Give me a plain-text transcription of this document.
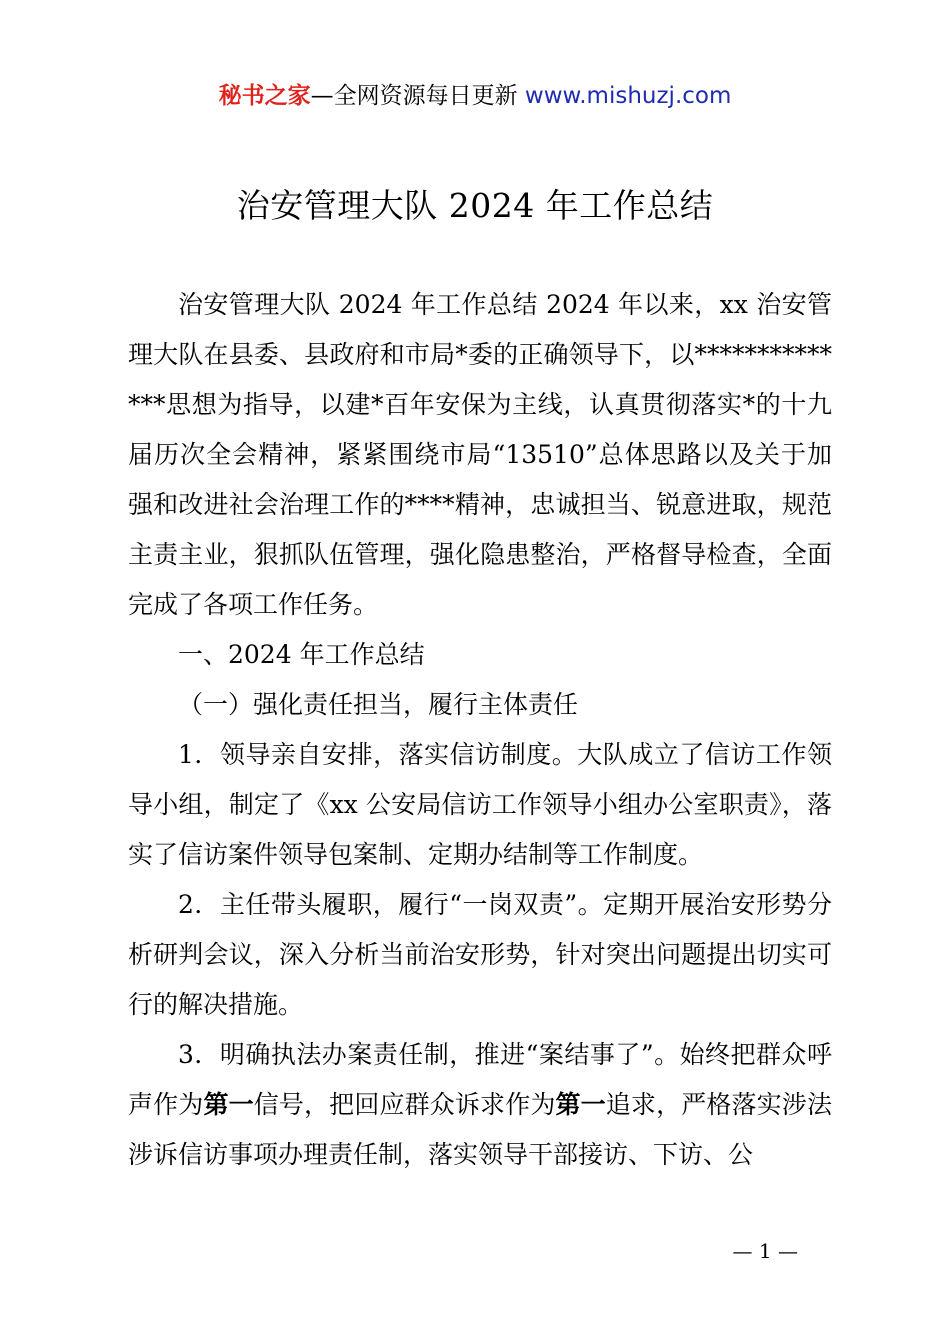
秘书之家—全网资源每日更新 www.mishuzj.com
治安管理大队 2024 年工作总结

治安管理大队 2024 年工作总结 2024 年以来，xx 治安管理大队在县委、县政府和市局*委的正确领导下，以**************思想为指导，以建*百年安保为主线，认真贯彻落实*的十九届历次全会精神，紧紧围绕市局“13510”总体思路以及关于加强和改进社会治理工作的****精神，忠诚担当、锐意进取，规范主责主业，狠抓队伍管理，强化隐患整治，严格督导检查，全面完成了各项工作任务。

一、2024 年工作总结

（一）强化责任担当，履行主体责任

1．领导亲自安排，落实信访制度。大队成立了信访工作领导小组，制定了《xx 公安局信访工作领导小组办公室职责》，落实了信访案件领导包案制、定期办结制等工作制度。

2．主任带头履职，履行“一岗双责”。定期开展治安形势分析研判会议，深入分析当前治安形势，针对突出问题提出切实可行的解决措施。

3．明确执法办案责任制，推进“案结事了”。始终把群众呼声作为第一信号，把回应群众诉求作为第一追求，严格落实涉法涉诉信访事项办理责任制，落实领导干部接访、下访、公

— 1 —
